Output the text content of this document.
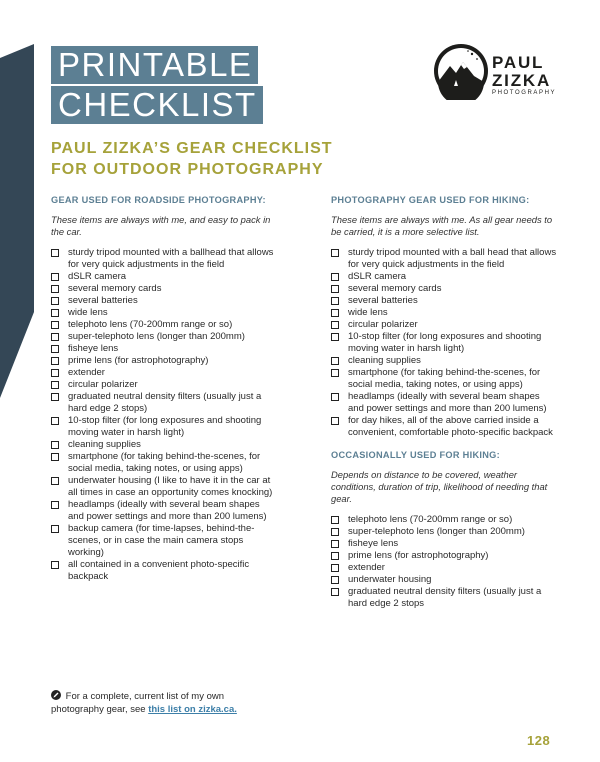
PRINTABLE
CHECKLIST
PAUL
ZIZKA
PHOTOGRAPHY
PAUL ZIZKA’S GEAR CHECKLIST
FOR OUTDOOR PHOTOGRAPHY
GEAR USED FOR ROADSIDE PHOTOGRAPHY:
These items are always with me, and easy to pack in the car.
sturdy tripod mounted with a ballhead that allows for very quick adjustments in the field
dSLR camera
several memory cards
several batteries
wide lens
telephoto lens (70-200mm range or so)
super-telephoto lens (longer than 200mm)
fisheye lens
prime lens (for astrophotography)
extender
circular polarizer
graduated neutral density filters (usually just a hard edge 2 stops)
10-stop filter (for long exposures and shooting moving water in harsh light)
cleaning supplies
smartphone (for taking behind-the-scenes, for social media, taking notes, or using apps)
underwater housing (I like to have it in the car at all times in case an opportunity comes knocking)
headlamps (ideally with several beam shapes and power settings and more than 200 lumens)
backup camera (for time-lapses, behind-the-scenes, or in case the main camera stops working)
all contained in a convenient photo-specific backpack
PHOTOGRAPHY GEAR USED FOR HIKING:
These items are always with me. As all gear needs to be carried, it is a more selective list.
sturdy tripod mounted with a ball head that allows for very quick adjustments in the field
dSLR camera
several memory cards
several batteries
wide lens
circular polarizer
10-stop filter (for long exposures and shooting moving water in harsh light)
cleaning supplies
smartphone (for taking behind-the-scenes, for social media, taking notes, or using apps)
headlamps (ideally with several beam shapes and power settings and more than 200 lumens)
for day hikes, all of the above carried inside a convenient, comfortable photo-specific backpack
OCCASIONALLY USED FOR HIKING:
Depends on distance to be covered, weather conditions, duration of trip, likelihood of needing that gear.
telephoto lens (70-200mm range or so)
super-telephoto lens (longer than 200mm)
fisheye lens
prime lens (for astrophotography)
extender
underwater housing
graduated neutral density filters (usually just a hard edge 2 stops
For a complete, current list of my own photography gear, see this list on zizka.ca.
128
